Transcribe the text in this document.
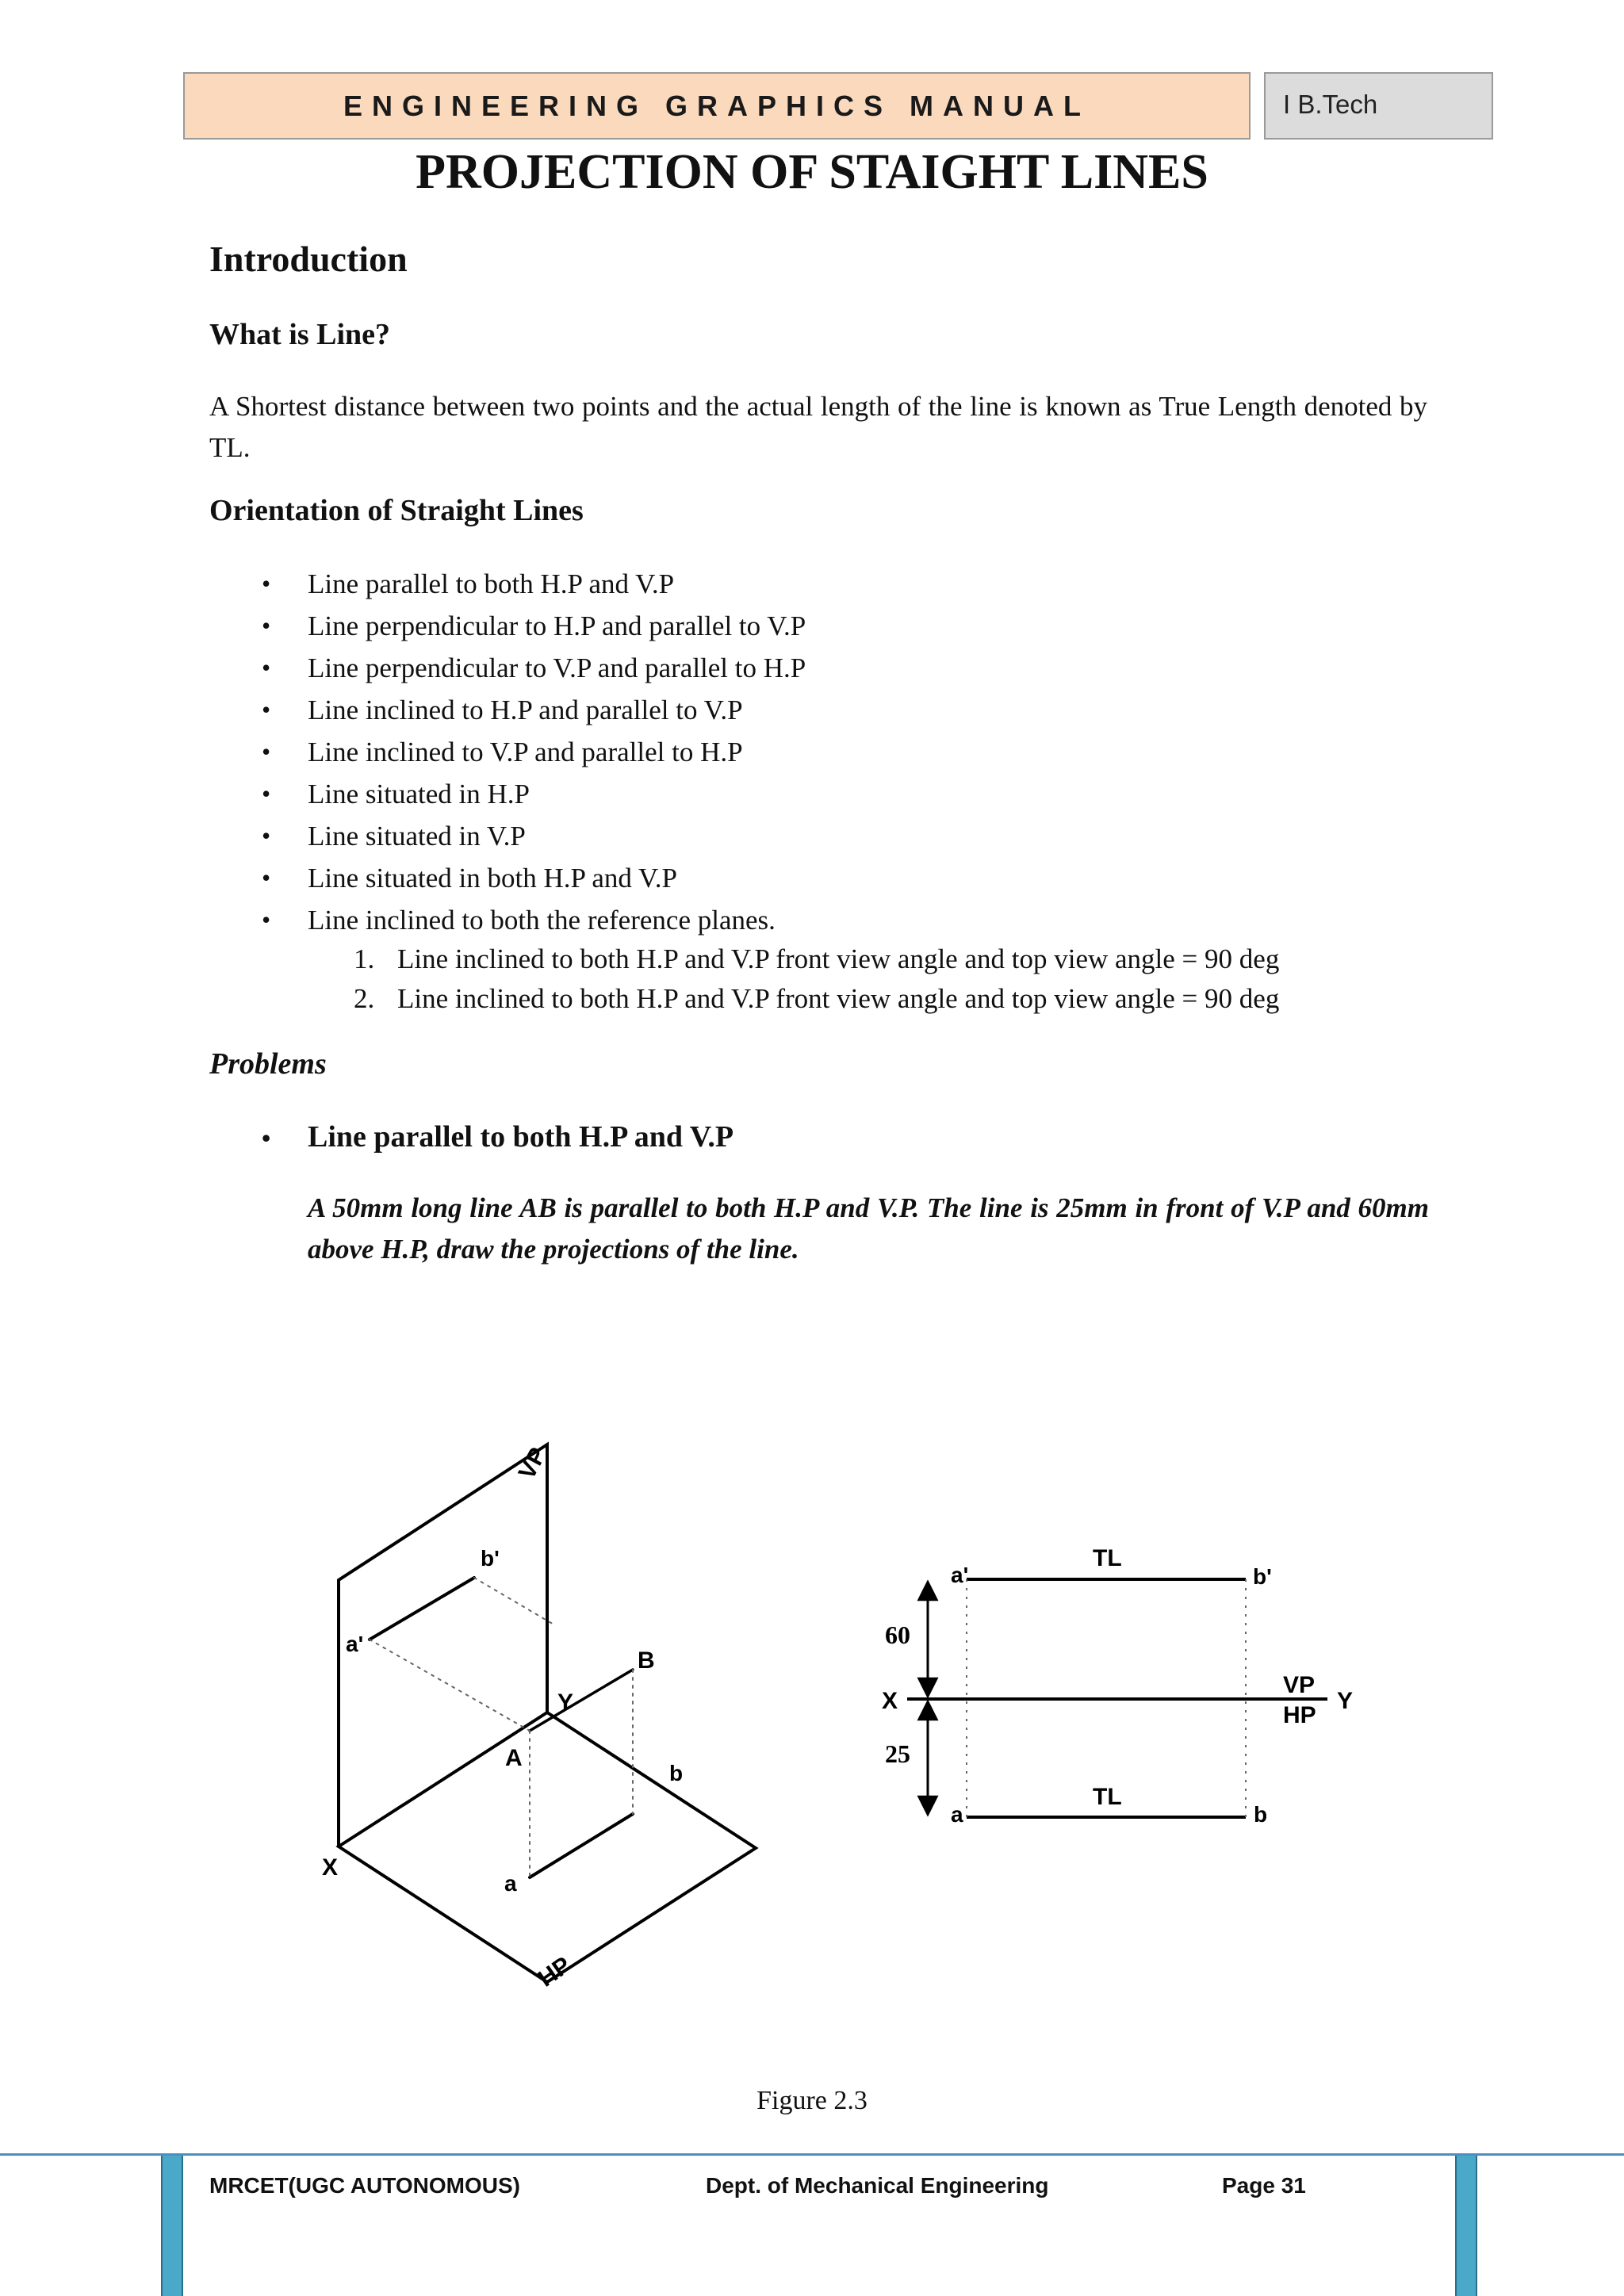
ENGINEERING GRAPHICS MANUAL	I B.Tech
PROJECTION OF STAIGHT LINES
Introduction
What is Line?
A Shortest distance between two points and the actual length of the line is known as True Length denoted by TL.
Orientation of Straight Lines
• Line parallel to both H.P and V.P
• Line perpendicular to H.P and parallel to V.P
• Line perpendicular to V.P and parallel to H.P
• Line inclined to H.P and parallel to V.P
• Line inclined to V.P and parallel to H.P
• Line situated in H.P
• Line situated in V.P
• Line situated in both H.P and V.P
• Line inclined to both the reference planes.
1. Line inclined to both H.P and V.P front view angle and top view angle = 90 deg
2. Line inclined to both H.P and V.P front view angle and top view angle = 90 deg
Problems
• Line parallel to both H.P and V.P
A 50mm long line AB is parallel to both H.P and V.P. The line is 25mm in front of V.P and 60mm above H.P, draw the projections of the line.
VP
b'
a'
Y
B
A
b
X
a
HP
a'
TL
b'
X
VP
HP
Y
TL
a	b
60
25
Figure 2.3
MRCET(UGC AUTONOMOUS)	Dept. of Mechanical Engineering	Page 31
